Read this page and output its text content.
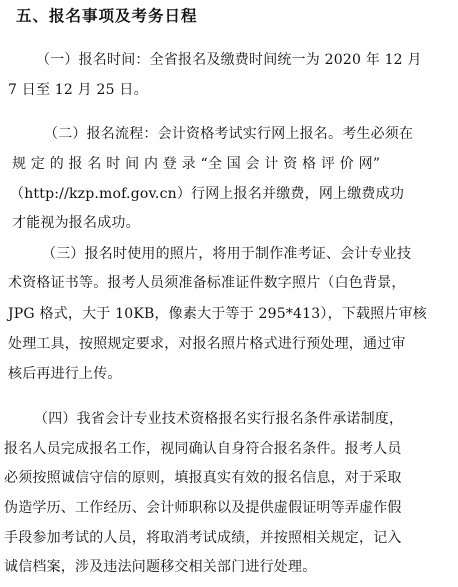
五、报名事项及考务日程
（一）报名时间：全省报名及缴费时间统一为 2020 年 12 月
7 日至 12 月 25 日。
（二）报名流程：会计资格考试实行网上报名。考生必须在
规 定 的 报 名 时 间 内 登 录 “全 国 会 计 资 格 评 价 网”
（http://kzp.mof.gov.cn）行网上报名并缴费，网上缴费成功
才能视为报名成功。
（三）报名时使用的照片，将用于制作准考证、会计专业技
术资格证书等。报考人员须准备标准证件数字照片（白色背景，
JPG 格式，大于 10KB，像素大于等于 295*413），下载照片审核
处理工具，按照规定要求，对报名照片格式进行预处理，通过审
核后再进行上传。
（四）我省会计专业技术资格报名实行报名条件承诺制度，
报名人员完成报名工作，视同确认自身符合报名条件。报考人员
必须按照诚信守信的原则，填报真实有效的报名信息，对于采取
伪造学历、工作经历、会计师职称以及提供虚假证明等弄虚作假
手段参加考试的人员，将取消考试成绩，并按照相关规定，记入
诚信档案，涉及违法问题移交相关部门进行处理。
